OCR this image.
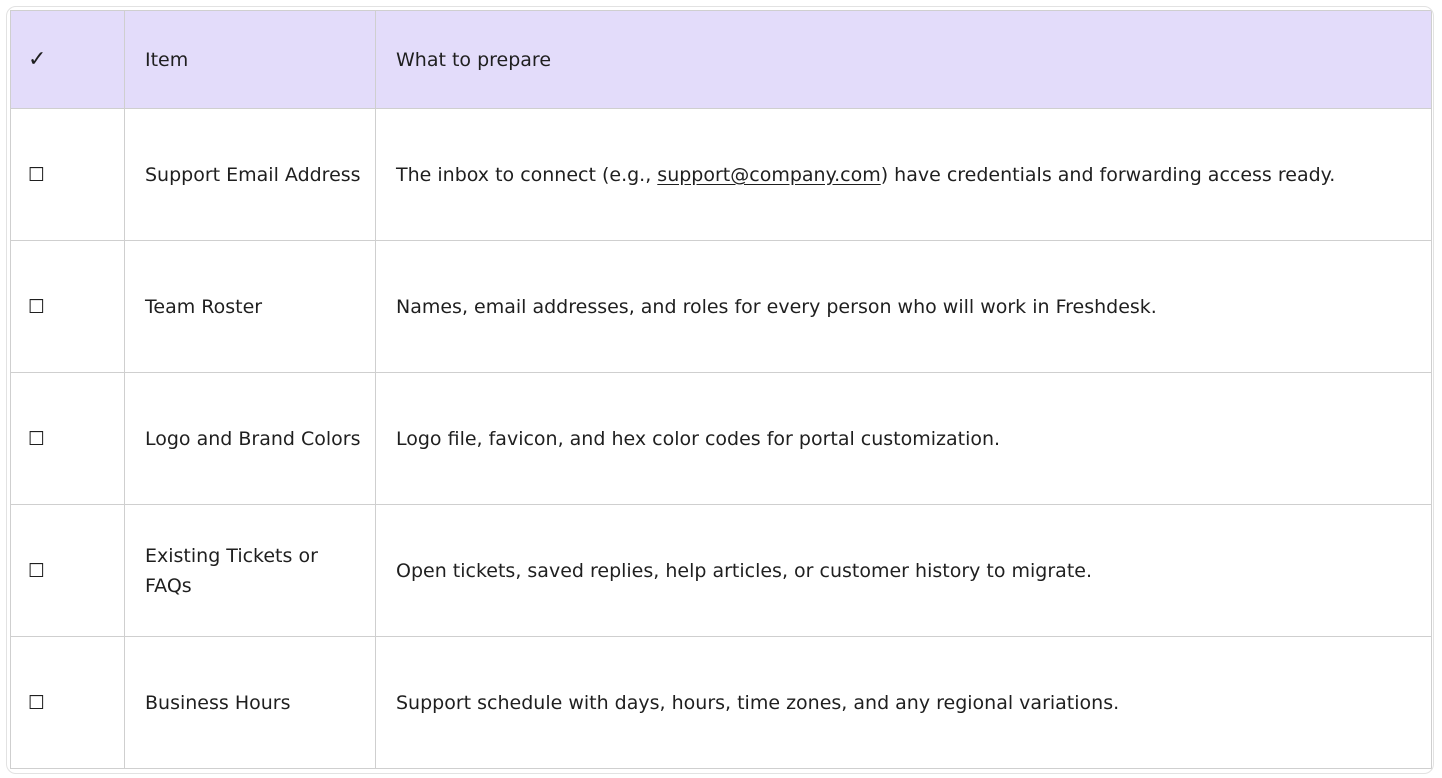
✓	Item	What to prepare
☐	Support Email Address	The inbox to connect (e.g., support@company.com) have credentials and forwarding access ready.
☐	Team Roster	Names, email addresses, and roles for every person who will work in Freshdesk.
☐	Logo and Brand Colors	Logo file, favicon, and hex color codes for portal customization.
☐	Existing Tickets or FAQs	Open tickets, saved replies, help articles, or customer history to migrate.
☐	Business Hours	Support schedule with days, hours, time zones, and any regional variations.
